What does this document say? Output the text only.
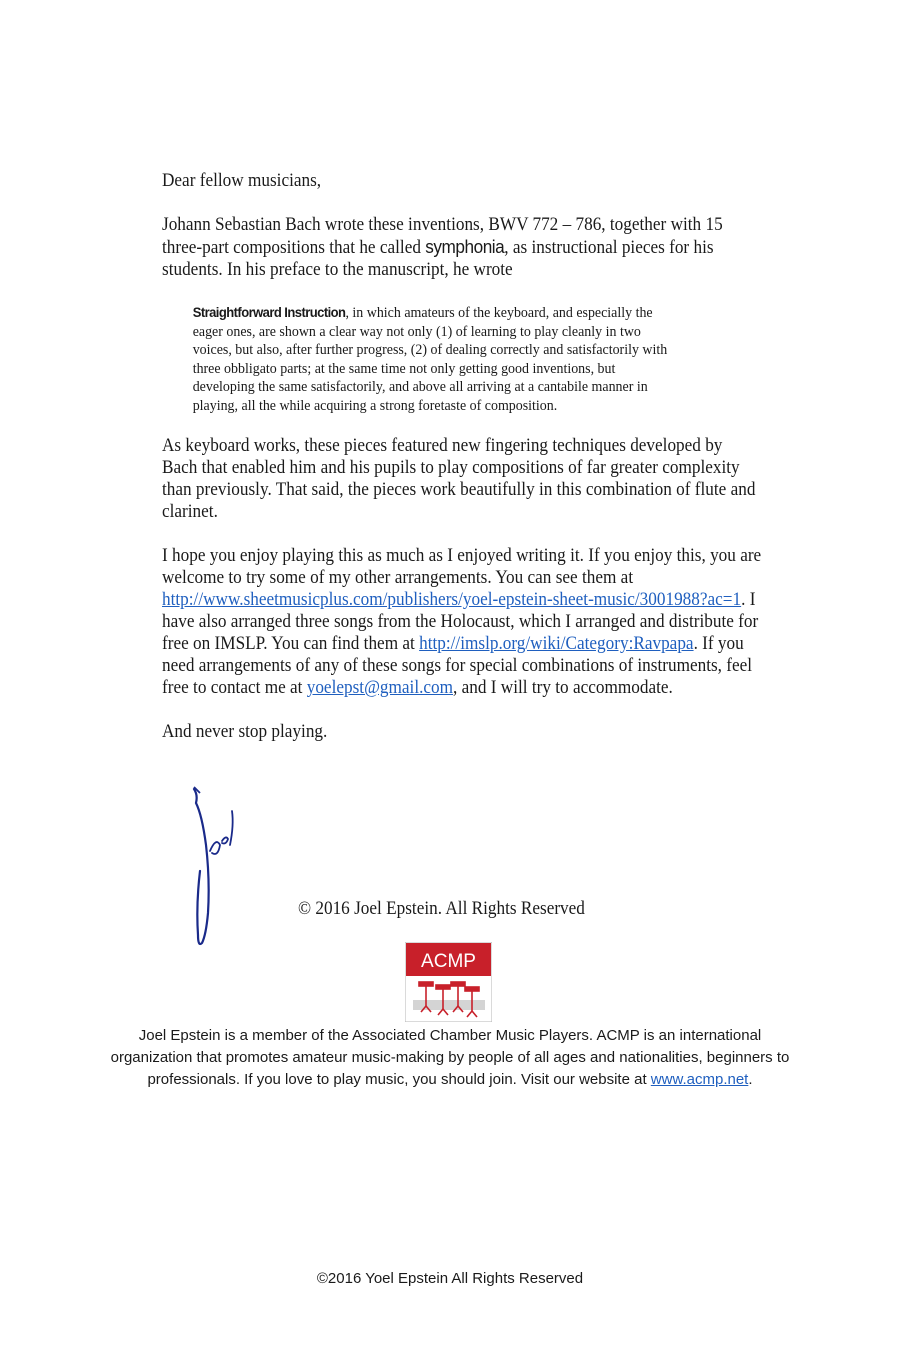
Dear fellow musicians,

Johann Sebastian Bach wrote these inventions, BWV 772 – 786, together with 15 three-part compositions that he called symphonia, as instructional pieces for his students. In his preface to the manuscript, he wrote

Straightforward Instruction, in which amateurs of the keyboard, and especially the eager ones, are shown a clear way not only (1) of learning to play cleanly in two voices, but also, after further progress, (2) of dealing correctly and satisfactorily with three obbligato parts; at the same time not only getting good inventions, but developing the same satisfactorily, and above all arriving at a cantabile manner in playing, all the while acquiring a strong foretaste of composition.

As keyboard works, these pieces featured new fingering techniques developed by Bach that enabled him and his pupils to play compositions of far greater complexity than previously. That said, the pieces work beautifully in this combination of flute and clarinet.

I hope you enjoy playing this as much as I enjoyed writing it. If you enjoy this, you are welcome to try some of my other arrangements. You can see them at http://www.sheetmusicplus.com/publishers/yoel-epstein-sheet-music/3001988?ac=1. I have also arranged three songs from the Holocaust, which I arranged and distribute for free on IMSLP. You can find them at http://imslp.org/wiki/Category:Ravpapa. If you need arrangements of any of these songs for special combinations of instruments, feel free to contact me at yoelepst@gmail.com, and I will try to accommodate.

And never stop playing.

© 2016 Joel Epstein. All Rights Reserved
ACMP
Joel Epstein is a member of the Associated Chamber Music Players. ACMP is an international organization that promotes amateur music-making by people of all ages and nationalities, beginners to professionals. If you love to play music, you should join. Visit our website at www.acmp.net.
©2016 Yoel Epstein All Rights Reserved
